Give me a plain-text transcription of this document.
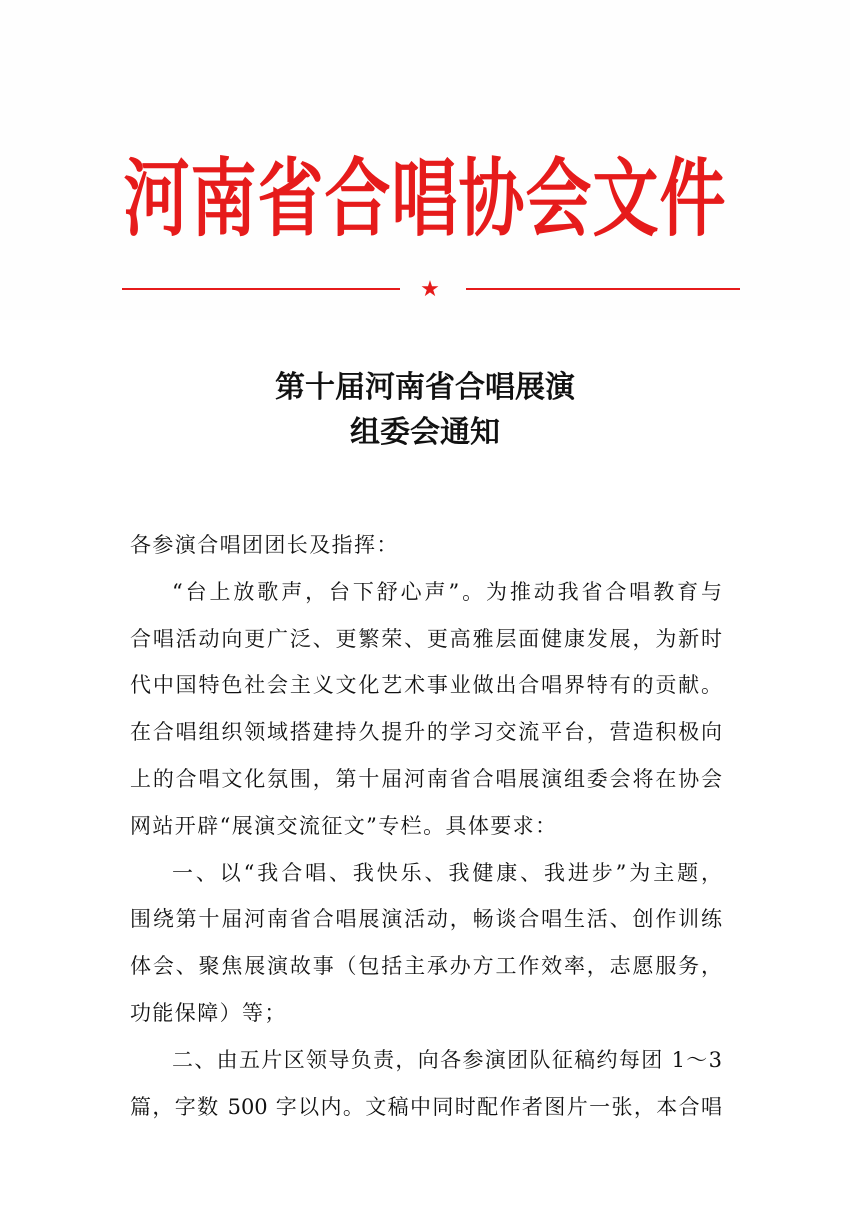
河南省合唱协会文件
★
第十届河南省合唱展演
组委会通知
各参演合唱团团长及指挥：
“台上放歌声，台下舒心声”。为推动我省合唱教育与
合唱活动向更广泛、更繁荣、更高雅层面健康发展，为新时
代中国特色社会主义文化艺术事业做出合唱界特有的贡献。
在合唱组织领域搭建持久提升的学习交流平台，营造积极向
上的合唱文化氛围，第十届河南省合唱展演组委会将在协会
网站开辟“展演交流征文”专栏。具体要求：
一、以“我合唱、我快乐、我健康、我进步”为主题，
围绕第十届河南省合唱展演活动，畅谈合唱生活、创作训练
体会、聚焦展演故事（包括主承办方工作效率，志愿服务，
功能保障）等；
二、由五片区领导负责，向各参演团队征稿约每团 1～3
篇，字数 500 字以内。文稿中同时配作者图片一张，本合唱
